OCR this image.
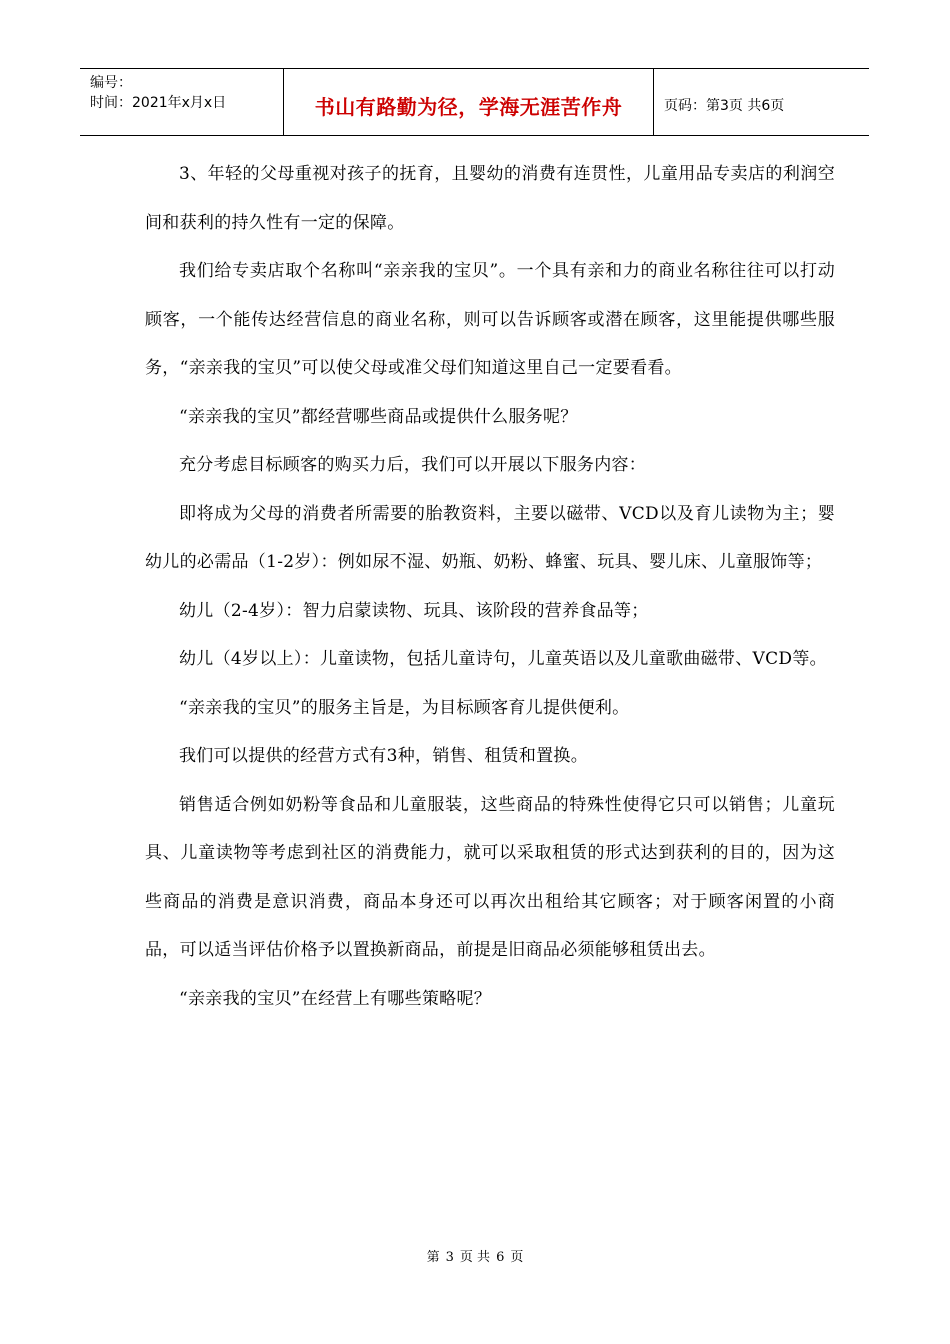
编号：
时间：2021年x月x日	书山有路勤为径，学海无涯苦作舟	页码：第3页 共6页

3、年轻的父母重视对孩子的抚育，且婴幼的消费有连贯性，儿童用品专卖店的利润空间和获利的持久性有一定的保障。

我们给专卖店取个名称叫“亲亲我的宝贝”。一个具有亲和力的商业名称往往可以打动顾客，一个能传达经营信息的商业名称，则可以告诉顾客或潜在顾客，这里能提供哪些服务，“亲亲我的宝贝”可以使父母或准父母们知道这里自己一定要看看。

“亲亲我的宝贝”都经营哪些商品或提供什么服务呢？

充分考虑目标顾客的购买力后，我们可以开展以下服务内容：

即将成为父母的消费者所需要的胎教资料，主要以磁带、VCD以及育儿读物为主；婴幼儿的必需品（1-2岁）：例如尿不湿、奶瓶、奶粉、蜂蜜、玩具、婴儿床、儿童服饰等；

幼儿（2-4岁）：智力启蒙读物、玩具、该阶段的营养食品等；

幼儿（4岁以上）：儿童读物，包括儿童诗句，儿童英语以及儿童歌曲磁带、VCD等。

“亲亲我的宝贝”的服务主旨是，为目标顾客育儿提供便利。

我们可以提供的经营方式有3种，销售、租赁和置换。

销售适合例如奶粉等食品和儿童服装，这些商品的特殊性使得它只可以销售；儿童玩具、儿童读物等考虑到社区的消费能力，就可以采取租赁的形式达到获利的目的，因为这些商品的消费是意识消费，商品本身还可以再次出租给其它顾客；对于顾客闲置的小商品，可以适当评估价格予以置换新商品，前提是旧商品必须能够租赁出去。

“亲亲我的宝贝”在经营上有哪些策略呢？

第 3 页 共 6 页
